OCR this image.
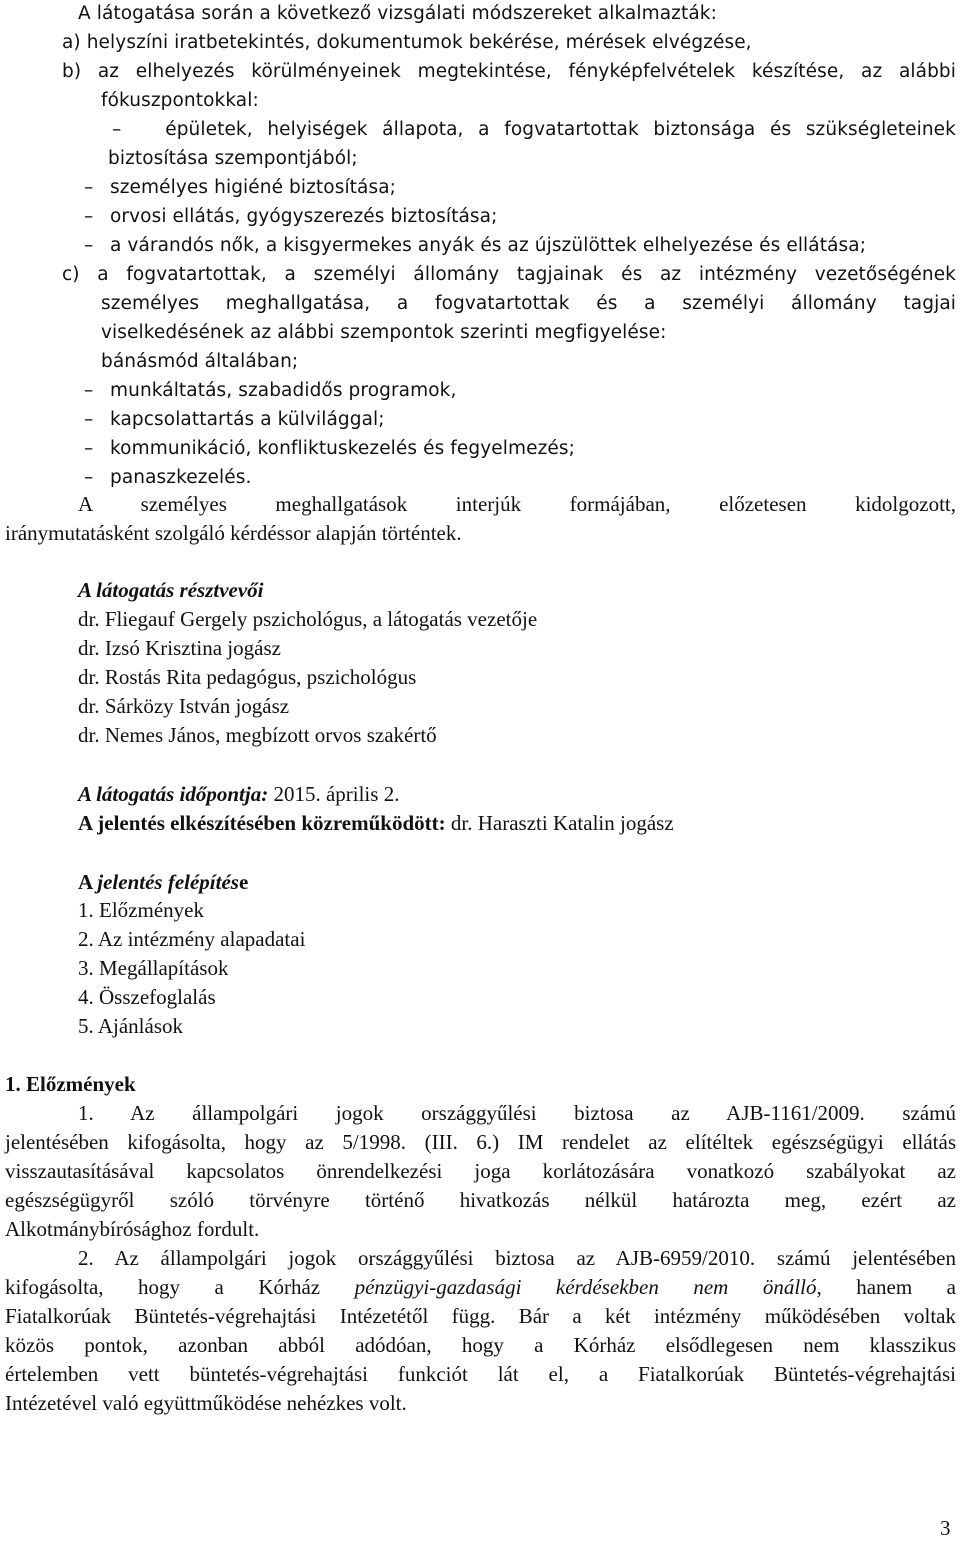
A látogatása során a következő vizsgálati módszereket alkalmazták:
a) helyszíni iratbetekintés, dokumentumok bekérése, mérések elvégzése,
b) az elhelyezés körülményeinek megtekintése, fényképfelvételek készítése, az alábbi
fókuszpontokkal:
– épületek, helyiségek állapota, a fogvatartottak biztonsága és szükségleteinek
biztosítása szempontjából;
– személyes higiéné biztosítása;
– orvosi ellátás, gyógyszerezés biztosítása;
– a várandós nők, a kisgyermekes anyák és az újszülöttek elhelyezése és ellátása;
c) a fogvatartottak, a személyi állomány tagjainak és az intézmény vezetőségének
személyes meghallgatása, a fogvatartottak és a személyi állomány tagjai
viselkedésének az alábbi szempontok szerinti megfigyelése:
bánásmód általában;
– munkáltatás, szabadidős programok,
– kapcsolattartás a külvilággal;
– kommunikáció, konfliktuskezelés és fegyelmezés;
– panaszkezelés.
A személyes meghallgatások interjúk formájában, előzetesen kidolgozott,
iránymutatásként szolgáló kérdéssor alapján történtek.
A látogatás résztvevői
dr. Fliegauf Gergely pszichológus, a látogatás vezetője
dr. Izsó Krisztina jogász
dr. Rostás Rita pedagógus, pszichológus
dr. Sárközy István jogász
dr. Nemes János, megbízott orvos szakértő
A látogatás időpontja: 2015. április 2.
A jelentés elkészítésében közreműködött: dr. Haraszti Katalin jogász
A jelentés felépítése
1. Előzmények
2. Az intézmény alapadatai
3. Megállapítások
4. Összefoglalás
5. Ajánlások
1. Előzmények
1. Az állampolgári jogok országgyűlési biztosa az AJB-1161/2009. számú
jelentésében kifogásolta, hogy az 5/1998. (III. 6.) IM rendelet az elítéltek egészségügyi ellátás
visszautasításával kapcsolatos önrendelkezési joga korlátozására vonatkozó szabályokat az
egészségügyről szóló törvényre történő hivatkozás nélkül határozta meg, ezért az
Alkotmánybírósághoz fordult.
2. Az állampolgári jogok országgyűlési biztosa az AJB-6959/2010. számú jelentésében
kifogásolta, hogy a Kórház pénzügyi-gazdasági kérdésekben nem önálló, hanem a
Fiatalkorúak Büntetés-végrehajtási Intézetétől függ. Bár a két intézmény működésében voltak
közös pontok, azonban abból adódóan, hogy a Kórház elsődlegesen nem klasszikus
értelemben vett büntetés-végrehajtási funkciót lát el, a Fiatalkorúak Büntetés-végrehajtási
Intézetével való együttműködése nehézkes volt.
3
